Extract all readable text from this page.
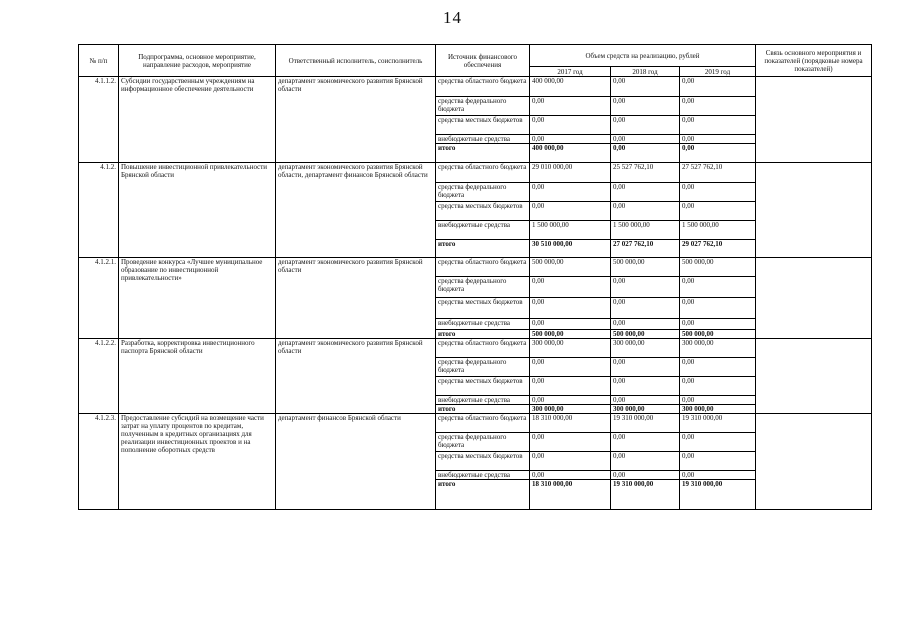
14
№ п/п	Подпрограмма, основное мероприятие, направление расходов, мероприятие	Ответственный исполнитель, соисполнитель	Источник финансового обеспечения	Объем средств на реализацию, рублей			Связь основного мероприятия и показателей (порядковые номера показателей)
				2017 год	2018 год	2019 год	
4.1.1.2.	Субсидии государственным учреждениям на информационное обеспечение деятельности	департамент экономического развития Брянской области	средства областного бюджета	400 000,00	0,00	0,00	
			средства федерального бюджета	0,00	0,00	0,00	
			средства местных бюджетов	0,00	0,00	0,00	
			внебюджетные средства	0,00	0,00	0,00	
			итого	400 000,00	0,00	0,00	
4.1.2.	Повышение инвестиционной привлекательности Брянской области	департамент экономического развития Брянской области, департамент финансов Брянской области	средства областного бюджета	29 010 000,00	25 527 762,10	27 527 762,10	
			средства федерального бюджета	0,00	0,00	0,00	
			средства местных бюджетов	0,00	0,00	0,00	
			внебюджетные средства	1 500 000,00	1 500 000,00	1 500 000,00	
			итого	30 510 000,00	27 027 762,10	29 027 762,10	
4.1.2.1.	Проведение конкурса «Лучшее муниципальное образование по инвестиционной привлекательности»	департамент экономического развития Брянской области	средства областного бюджета	500 000,00	500 000,00	500 000,00	
			средства федерального бюджета	0,00	0,00	0,00	
			средства местных бюджетов	0,00	0,00	0,00	
			внебюджетные средства	0,00	0,00	0,00	
			итого	500 000,00	500 000,00	500 000,00	
4.1.2.2.	Разработка, корректировка инвестиционного паспорта Брянской области	департамент экономического развития Брянской области	средства областного бюджета	300 000,00	300 000,00	300 000,00	
			средства федерального бюджета	0,00	0,00	0,00	
			средства местных бюджетов	0,00	0,00	0,00	
			внебюджетные средства	0,00	0,00	0,00	
			итого	300 000,00	300 000,00	300 000,00	
4.1.2.3.	Предоставление субсидий на возмещение части затрат на уплату процентов по кредитам, полученным в кредитных организациях для реализации инвестиционных проектов и на пополнение оборотных средств	департамент финансов Брянской области	средства областного бюджета	18 310 000,00	19 310 000,00	19 310 000,00	
			средства федерального бюджета	0,00	0,00	0,00	
			средства местных бюджетов	0,00	0,00	0,00	
			внебюджетные средства	0,00	0,00	0,00	
			итого	18 310 000,00	19 310 000,00	19 310 000,00	
